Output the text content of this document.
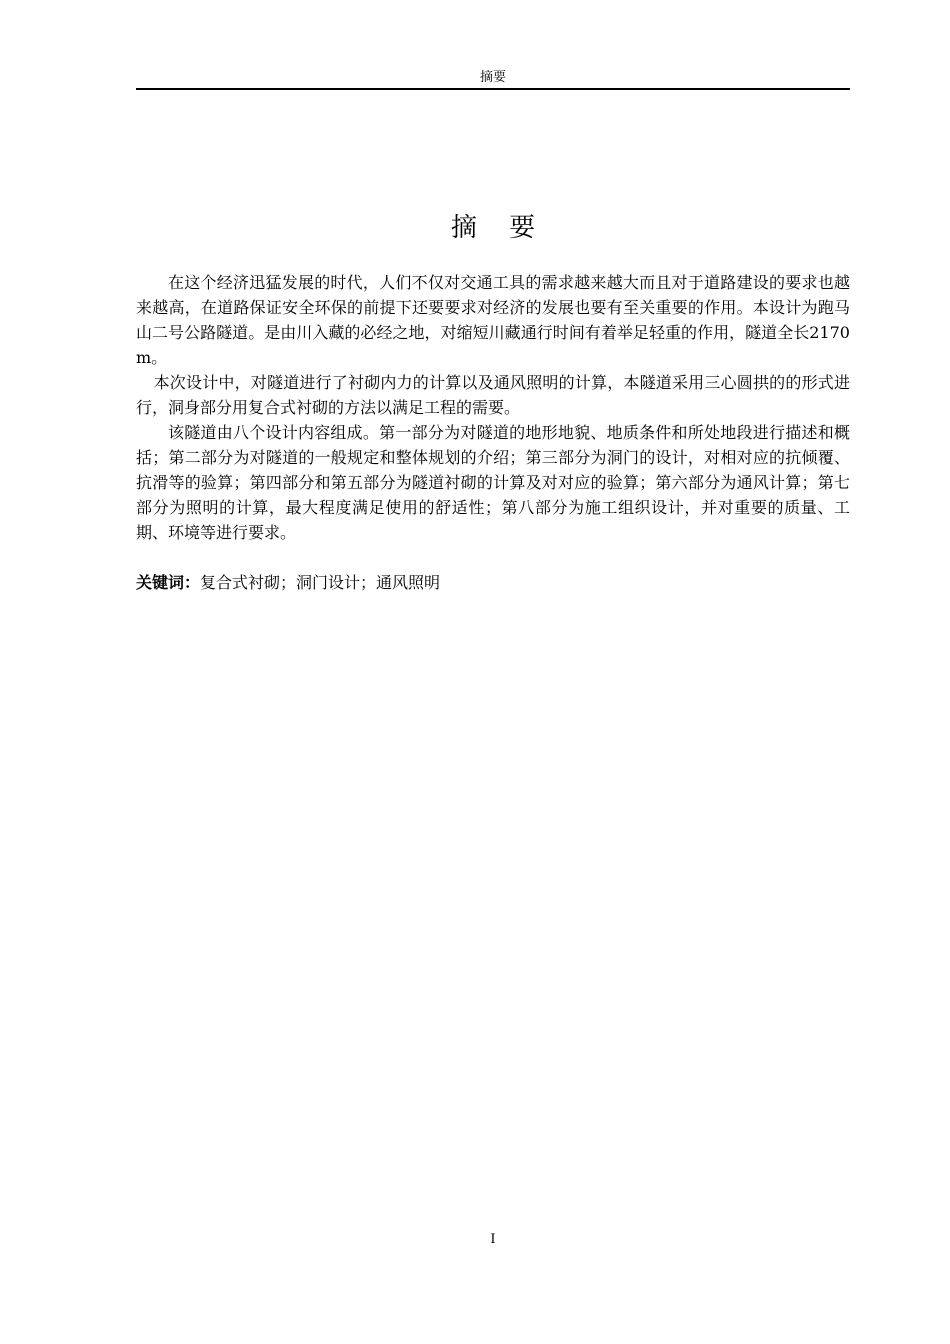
摘要
摘 要

在这个经济迅猛发展的时代，人们不仅对交通工具的需求越来越大而且对于道路建设的要求也越来越高，在道路保证安全环保的前提下还要要求对经济的发展也要有至关重要的作用。本设计为跑马山二号公路隧道。是由川入藏的必经之地，对缩短川藏通行时间有着举足轻重的作用，隧道全长2170m。

本次设计中，对隧道进行了衬砌内力的计算以及通风照明的计算，本隧道采用三心圆拱的的形式进行，洞身部分用复合式衬砌的方法以满足工程的需要。

该隧道由八个设计内容组成。第一部分为对隧道的地形地貌、地质条件和所处地段进行描述和概括；第二部分为对隧道的一般规定和整体规划的介绍；第三部分为洞门的设计，对相对应的抗倾覆、抗滑等的验算；第四部分和第五部分为隧道衬砌的计算及对对应的验算；第六部分为通风计算；第七部分为照明的计算，最大程度满足使用的舒适性；第八部分为施工组织设计，并对重要的质量、工期、环境等进行要求。

关键词：复合式衬砌；洞门设计；通风照明

I
